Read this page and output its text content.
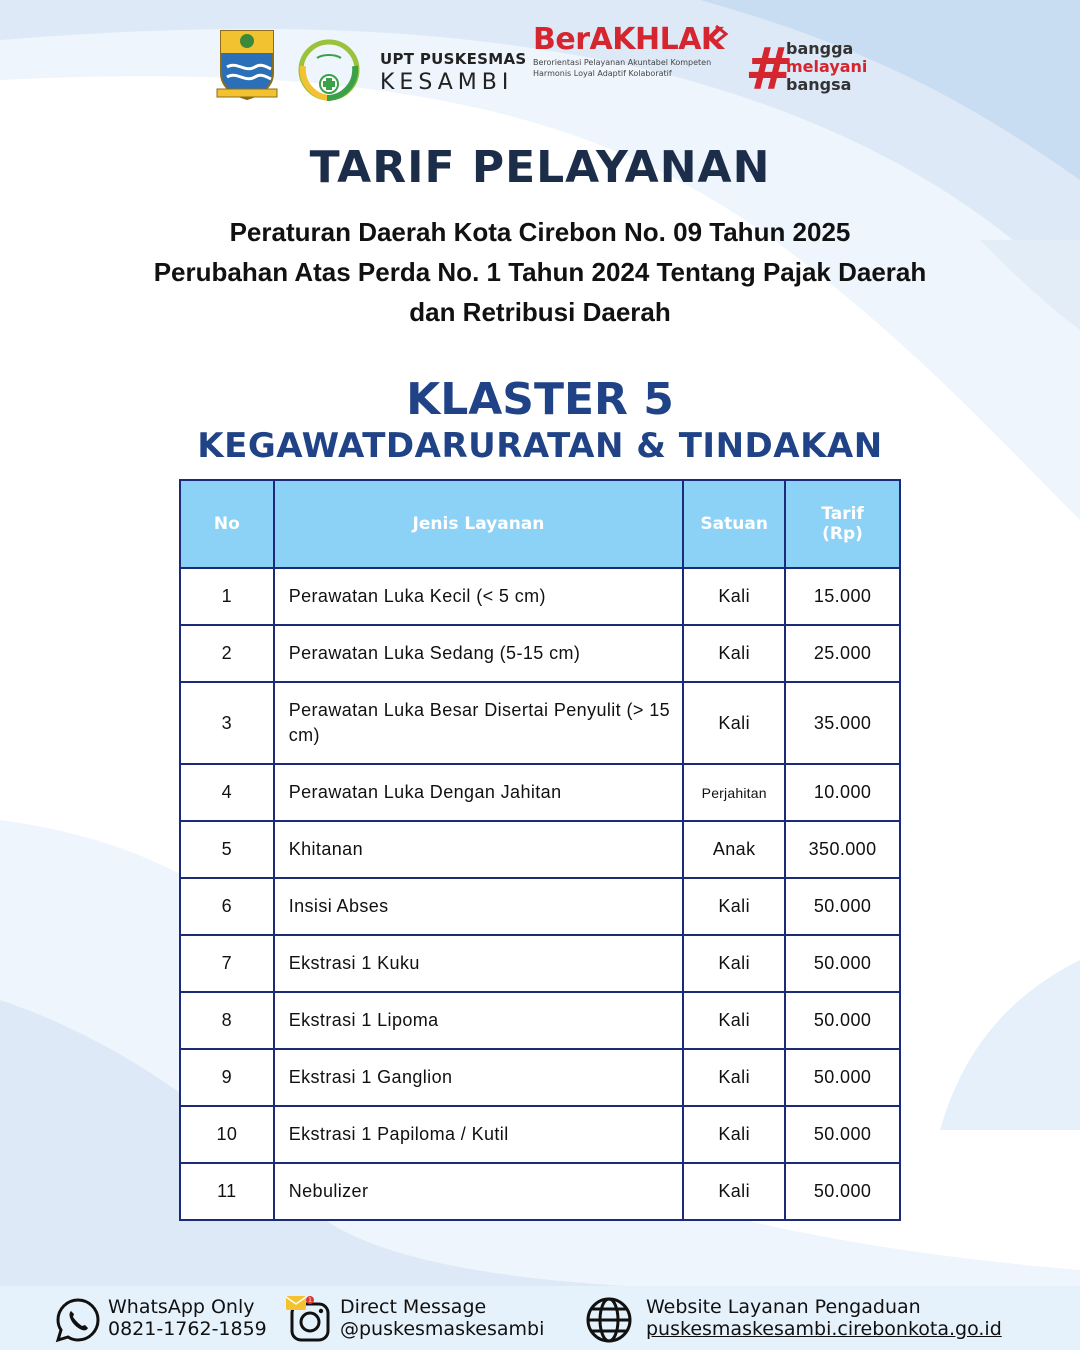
UPT PUSKESMAS
KESAMBI
BerAKHLAK
Berorientasi Pelayanan Akuntabel Kompeten
Harmonis Loyal Adaptif Kolaboratif	#
bangga
melayani
bangsa
TARIF PELAYANAN
Peraturan Daerah Kota Cirebon No. 09 Tahun 2025
Perubahan Atas Perda No. 1 Tahun 2024 Tentang Pajak Daerah
dan Retribusi Daerah
KLASTER 5
KEGAWATDARURATAN & TINDAKAN
No	Jenis Layanan	Satuan	Tarif
(Rp)
1	Perawatan Luka Kecil (< 5 cm)	Kali	15.000
2	Perawatan Luka Sedang (5-15 cm)	Kali	25.000
3	Perawatan Luka Besar Disertai Penyulit (> 15 cm)	Kali	35.000
4	Perawatan Luka Dengan Jahitan	Perjahitan	10.000
5	Khitanan	Anak	350.000
6	Insisi Abses	Kali	50.000
7	Ekstrasi 1 Kuku	Kali	50.000
8	Ekstrasi 1 Lipoma	Kali	50.000
9	Ekstrasi 1 Ganglion	Kali	50.000
10	Ekstrasi 1 Papiloma / Kutil	Kali	50.000
11	Nebulizer	Kali	50.000
WhatsApp Only
0821-1762-1859
1 Direct Message
@puskesmaskesambi
Website Layanan Pengaduan
puskesmaskesambi.cirebonkota.go.id
